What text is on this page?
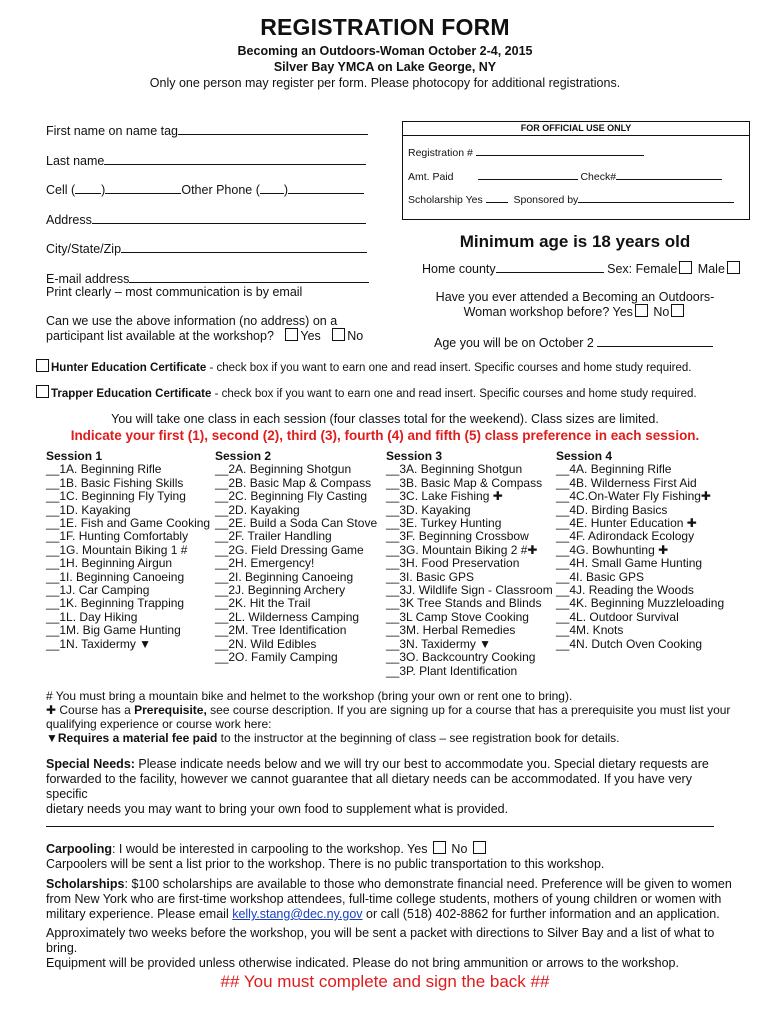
REGISTRATION FORM
Becoming an Outdoors-Woman October 2-4, 2015
Silver Bay YMCA on Lake George, NY
Only one person may register per form. Please photocopy for additional registrations.
First name on name tag
Last name
Cell ( )	Other Phone ( )
Address
City/State/Zip
E-mail address
Print clearly – most communication is by email
Can we use the above information (no address) on a
participant list available at the workshop? Yes No
FOR OFFICIAL USE ONLY
Registration #
Amt. Paid	Check#
Scholarship Yes	Sponsored by
Minimum age is 18 years old
Home county	Sex: Female Male
Have you ever attended a Becoming an Outdoors-
Woman workshop before? Yes No
Age you will be on October 2
Hunter Education Certificate - check box if you want to earn one and read insert. Specific courses and home study required.
Trapper Education Certificate - check box if you want to earn one and read insert. Specific courses and home study required.
You will take one class in each session (four classes total for the weekend). Class sizes are limited.
Indicate your first (1), second (2), third (3), fourth (4) and fifth (5) class preference in each session.
Session 1
__1A. Beginning Rifle
__1B. Basic Fishing Skills
__1C. Beginning Fly Tying
__1D. Kayaking
__1E. Fish and Game Cooking
__1F. Hunting Comfortably
__1G. Mountain Biking 1 #
__1H. Beginning Airgun
__1I. Beginning Canoeing
__1J. Car Camping
__1K. Beginning Trapping
__1L. Day Hiking
__1M. Big Game Hunting
__1N. Taxidermy ▼
Session 2
__2A. Beginning Shotgun
__2B. Basic Map & Compass
__2C. Beginning Fly Casting
__2D. Kayaking
__2E. Build a Soda Can Stove
__2F. Trailer Handling
__2G. Field Dressing Game
__2H. Emergency!
__2I. Beginning Canoeing
__2J. Beginning Archery
__2K. Hit the Trail
__2L. Wilderness Camping
__2M. Tree Identification
__2N. Wild Edibles
__2O. Family Camping
Session 3
__3A. Beginning Shotgun
__3B. Basic Map & Compass
__3C. Lake Fishing ✚
__3D. Kayaking
__3E. Turkey Hunting
__3F. Beginning Crossbow
__3G. Mountain Biking 2 #✚
__3H. Food Preservation
__3I. Basic GPS
__3J. Wildlife Sign - Classroom
__3K Tree Stands and Blinds
__3L Camp Stove Cooking
__3M. Herbal Remedies
__3N. Taxidermy ▼
__3O. Backcountry Cooking
__3P. Plant Identification
Session 4
__4A. Beginning Rifle
__4B. Wilderness First Aid
__4C.On-Water Fly Fishing✚
__4D. Birding Basics
__4E. Hunter Education ✚
__4F. Adirondack Ecology
__4G. Bowhunting ✚
__4H. Small Game Hunting
__4I. Basic GPS
__4J. Reading the Woods
__4K. Beginning Muzzleloading
__4L. Outdoor Survival
__4M. Knots
__4N. Dutch Oven Cooking
# You must bring a mountain bike and helmet to the workshop (bring your own or rent one to bring).
✚ Course has a Prerequisite, see course description. If you are signing up for a course that has a prerequisite you must list your
qualifying experience or course work here:
▼Requires a material fee paid to the instructor at the beginning of class – see registration book for details.
Special Needs: Please indicate needs below and we will try our best to accommodate you. Special dietary requests are
forwarded to the facility, however we cannot guarantee that all dietary needs can be accommodated. If you have very specific
dietary needs you may want to bring your own food to supplement what is provided.
Carpooling: I would be interested in carpooling to the workshop. Yes No
Carpoolers will be sent a list prior to the workshop. There is no public transportation to this workshop.
Scholarships: $100 scholarships are available to those who demonstrate financial need. Preference will be given to women
from New York who are first-time workshop attendees, full-time college students, mothers of young children or women with
military experience. Please email kelly.stang@dec.ny.gov or call (518) 402-8862 for further information and an application.
Approximately two weeks before the workshop, you will be sent a packet with directions to Silver Bay and a list of what to bring.
Equipment will be provided unless otherwise indicated. Please do not bring ammunition or arrows to the workshop.
## You must complete and sign the back ##
